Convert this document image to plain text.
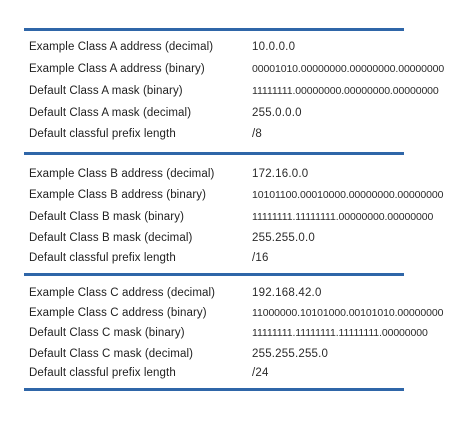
Example Class A address (decimal)	10.0.0.0
Example Class A address (binary)	00001010.00000000.00000000.00000000
Default Class A mask (binary)	11111111.00000000.00000000.00000000
Default Class A mask (decimal)	255.0.0.0
Default classful prefix length	/8
Example Class B address (decimal)	172.16.0.0
Example Class B address (binary)	10101100.00010000.00000000.00000000
Default Class B mask (binary)	11111111.11111111.00000000.00000000
Default Class B mask (decimal)	255.255.0.0
Default classful prefix length	/16
Example Class C address (decimal)	192.168.42.0
Example Class C address (binary)	11000000.10101000.00101010.00000000
Default Class C mask (binary)	11111111.11111111.11111111.00000000
Default Class C mask (decimal)	255.255.255.0
Default classful prefix length	/24
